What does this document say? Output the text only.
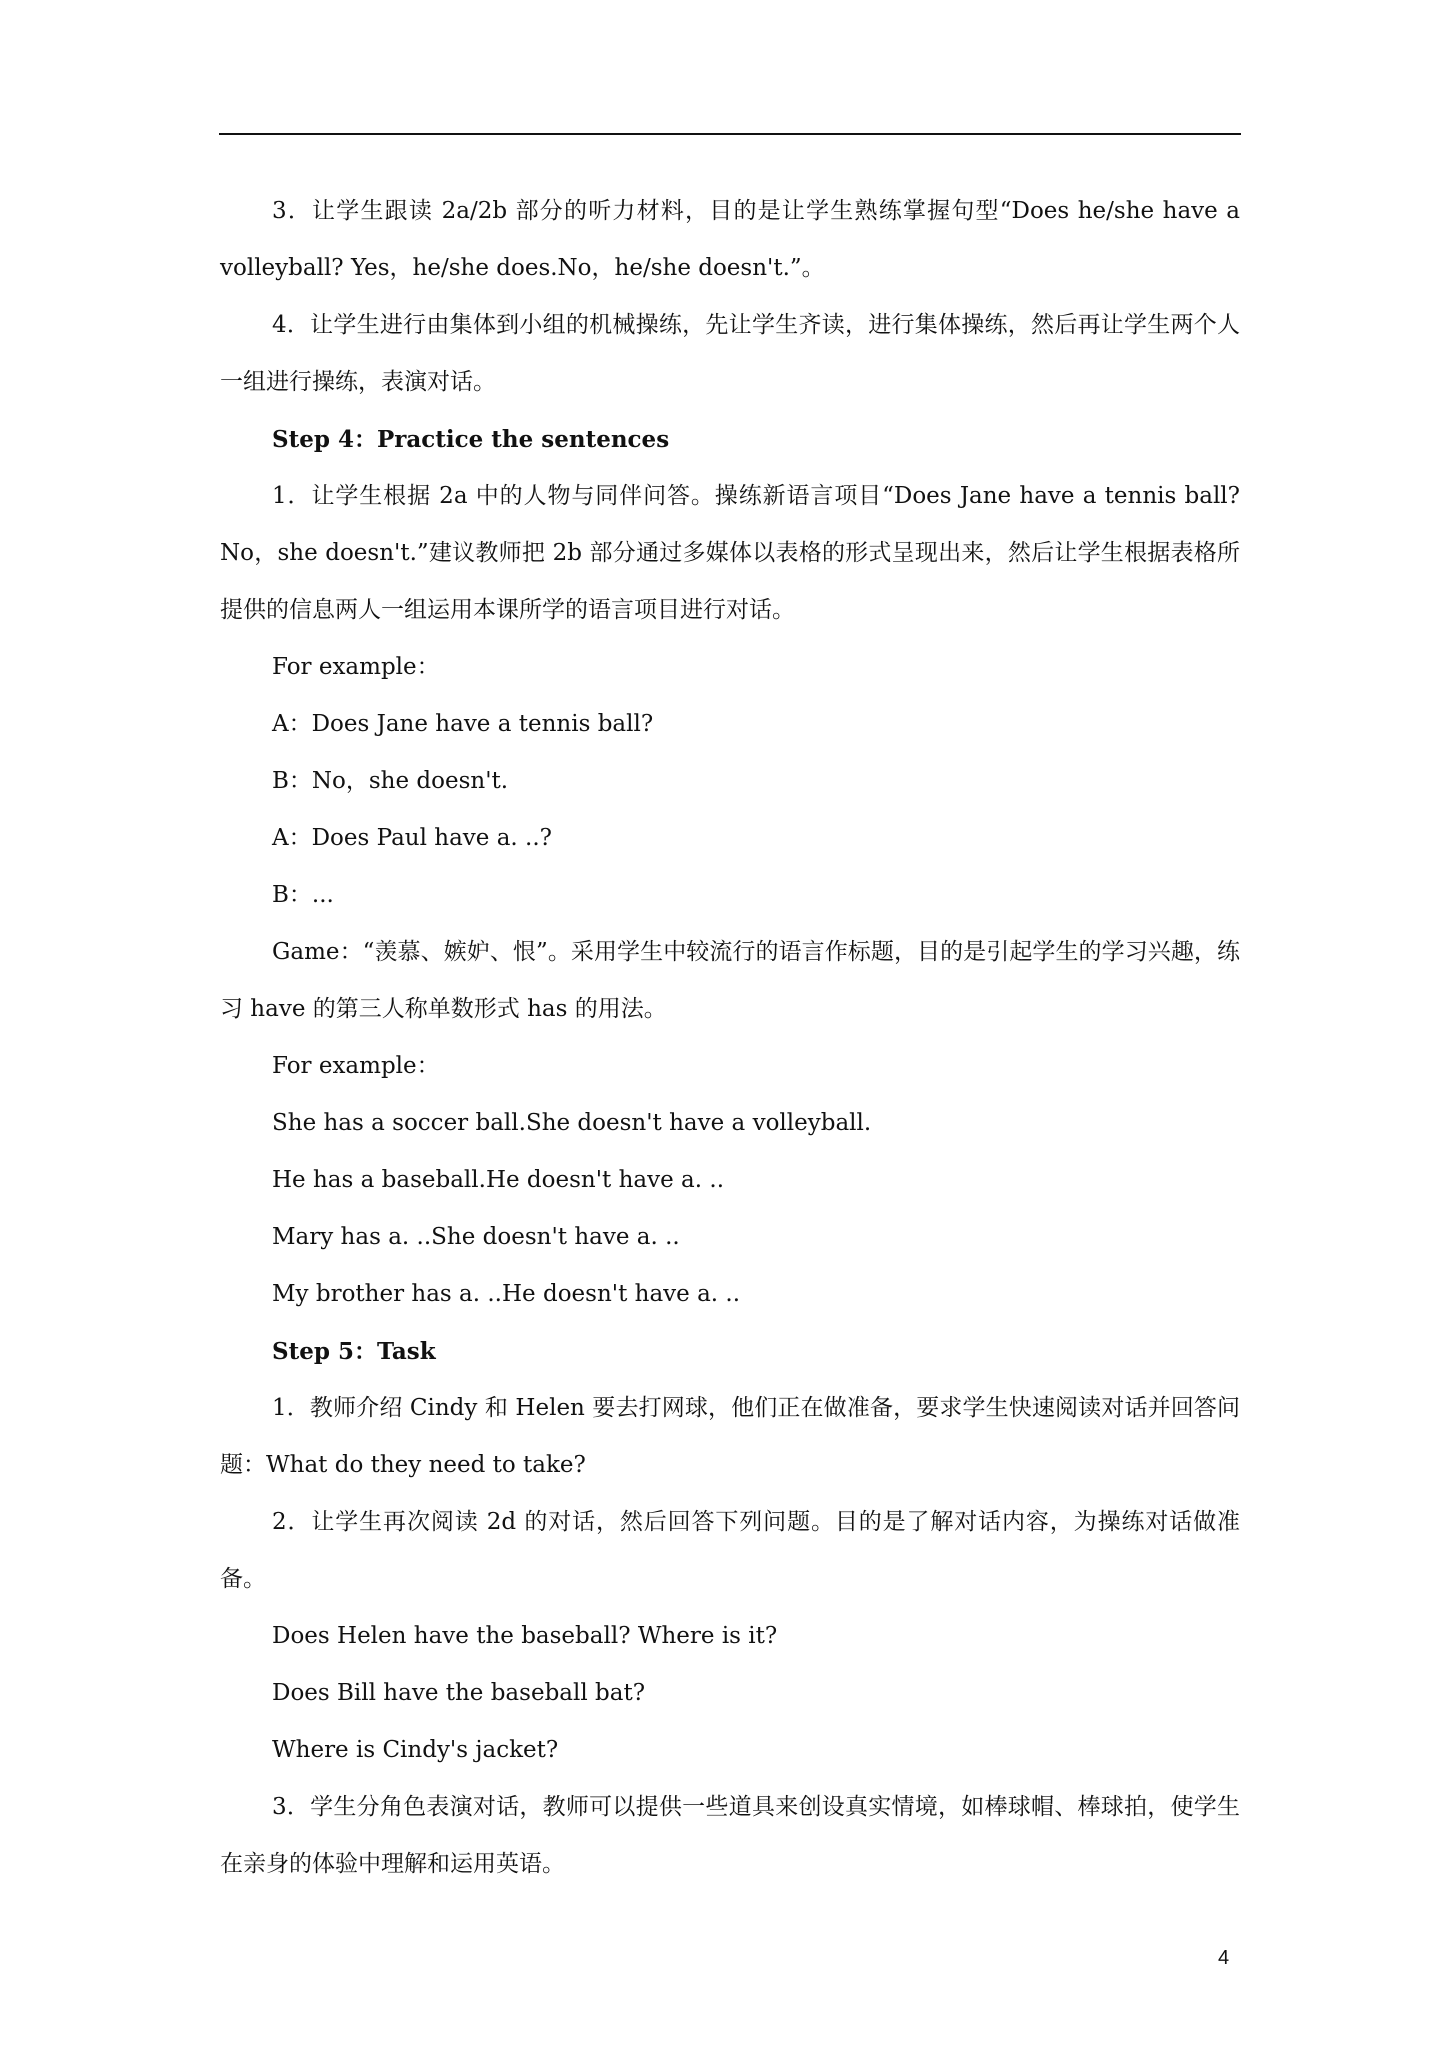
3．让学生跟读 2a/2b 部分的听力材料，目的是让学生熟练掌握句型“Does he/she have a volleyball? Yes，he/she does.No，he/she doesn't.”。

4．让学生进行由集体到小组的机械操练，先让学生齐读，进行集体操练，然后再让学生两个人一组进行操练，表演对话。

Step 4：Practice the sentences

1．让学生根据 2a 中的人物与同伴问答。操练新语言项目“Does Jane have a tennis ball? No，she doesn't.”建议教师把 2b 部分通过多媒体以表格的形式呈现出来，然后让学生根据表格所提供的信息两人一组运用本课所学的语言项目进行对话。

For example：

A：Does Jane have a tennis ball?

B：No，she doesn't.

A：Does Paul have a. ..?

B：...

Game：“羡慕、嫉妒、恨”。采用学生中较流行的语言作标题，目的是引起学生的学习兴趣，练习 have 的第三人称单数形式 has 的用法。

For example：

She has a soccer ball.She doesn't have a volleyball.

He has a baseball.He doesn't have a. ..

Mary has a. ..She doesn't have a. ..

My brother has a. ..He doesn't have a. ..

Step 5：Task

1．教师介绍 Cindy 和 Helen 要去打网球，他们正在做准备，要求学生快速阅读对话并回答问题：What do they need to take?

2．让学生再次阅读 2d 的对话，然后回答下列问题。目的是了解对话内容，为操练对话做准备。

Does Helen have the baseball? Where is it?

Does Bill have the baseball bat?

Where is Cindy's jacket?

3．学生分角色表演对话，教师可以提供一些道具来创设真实情境，如棒球帽、棒球拍，使学生在亲身的体验中理解和运用英语。

4
